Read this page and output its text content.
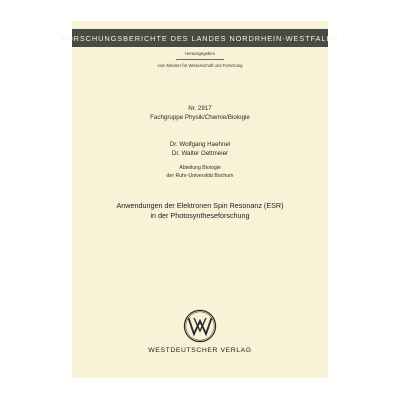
FORSCHUNGSBERICHTE DES LANDES NORDRHEIN-WESTFALEN
Herausgegeben
vom Minister für Wissenschaft und Forschung
Nr. 2917
Fachgruppe Physik/Chemie/Biologie
Dr. Wolfgang Haehnel
Dr. Walter Oettmeier
Abteilung Biologie
der Ruhr-Universität Bochum
Anwendungen der Elektronen Spin Resonanz (ESR)
in der Photosyntheseforschung
WESTDEUTSCHER VERLAG
